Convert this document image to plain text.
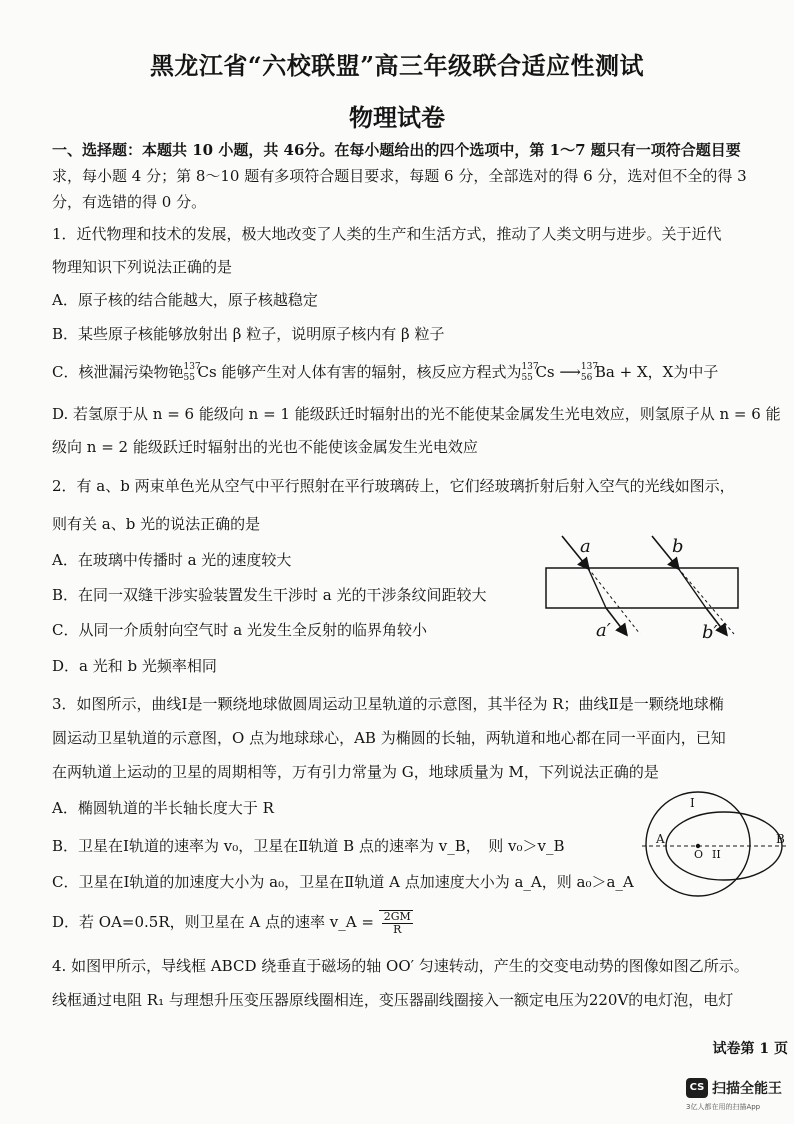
黑龙江省“六校联盟”高三年级联合适应性测试
物理试卷
一、选择题：本题共 10 小题，共 46分。在每小题给出的四个选项中，第 1～7 题只有一项符合题目要
求，每小题 4 分；第 8～10 题有多项符合题目要求，每题 6 分，全部选对的得 6 分，选对但不全的得 3
分，有选错的得 0 分。
1．近代物理和技术的发展，极大地改变了人类的生产和生活方式，推动了人类文明与进步。关于近代
物理知识下列说法正确的是
A．原子核的结合能越大，原子核越稳定
B．某些原子核能够放射出 β 粒子，说明原子核内有 β 粒子
C．核泄漏污染物铯 137
55 Cs 能够产生对人体有害的辐射，核反应方程式为 137
55 Cs ⟶ 137
56 Ba + X，X为中子
D. 若氢原于从 n = 6 能级向 n = 1 能级跃迁时辐射出的光不能使某金属发生光电效应，则氢原子从 n = 6 能
级向 n = 2 能级跃迁时辐射出的光也不能使该金属发生光电效应
2．有 a、b 两束单色光从空气中平行照射在平行玻璃砖上，它们经玻璃折射后射入空气的光线如图示，
则有关 a、b 光的说法正确的是
A．在玻璃中传播时 a 光的速度较大
B．在同一双缝干涉实验装置发生干涉时 a 光的干涉条纹间距较大
C．从同一介质射向空气时 a 光发生全反射的临界角较小
D．a 光和 b 光频率相同
a	b
a′	b′
3．如图所示，曲线Ⅰ是一颗绕地球做圆周运动卫星轨道的示意图，其半径为 R；曲线Ⅱ是一颗绕地球椭
圆运动卫星轨道的示意图，O 点为地球球心，AB 为椭圆的长轴，两轨道和地心都在同一平面内，已知
在两轨道上运动的卫星的周期相等，万有引力常量为 G，地球质量为 M，下列说法正确的是
A．椭圆轨道的半长轴长度大于 R
B．卫星在Ⅰ轨道的速率为 v₀，卫星在Ⅱ轨道 B 点的速率为 v_B，　则 v₀＞v_B
C．卫星在Ⅰ轨道的加速度大小为 a₀，卫星在Ⅱ轨道 A 点加速度大小为 a_A，则 a₀＞a_A
D．若 OA=0.5R，则卫星在 A 点的速率 v_A = $\frac{2GM}{R}$
I
II
A	B
O
4. 如图甲所示，导线框 ABCD 绕垂直于磁场的轴 OO′ 匀速转动，产生的交变电动势的图像如图乙所示。
线框通过电阻 R₁ 与理想升压变压器原线圈相连，变压器副线圈接入一额定电压为220V的电灯泡，电灯
试卷第 1 页
CS 扫描全能王
3亿人都在用的扫描App
